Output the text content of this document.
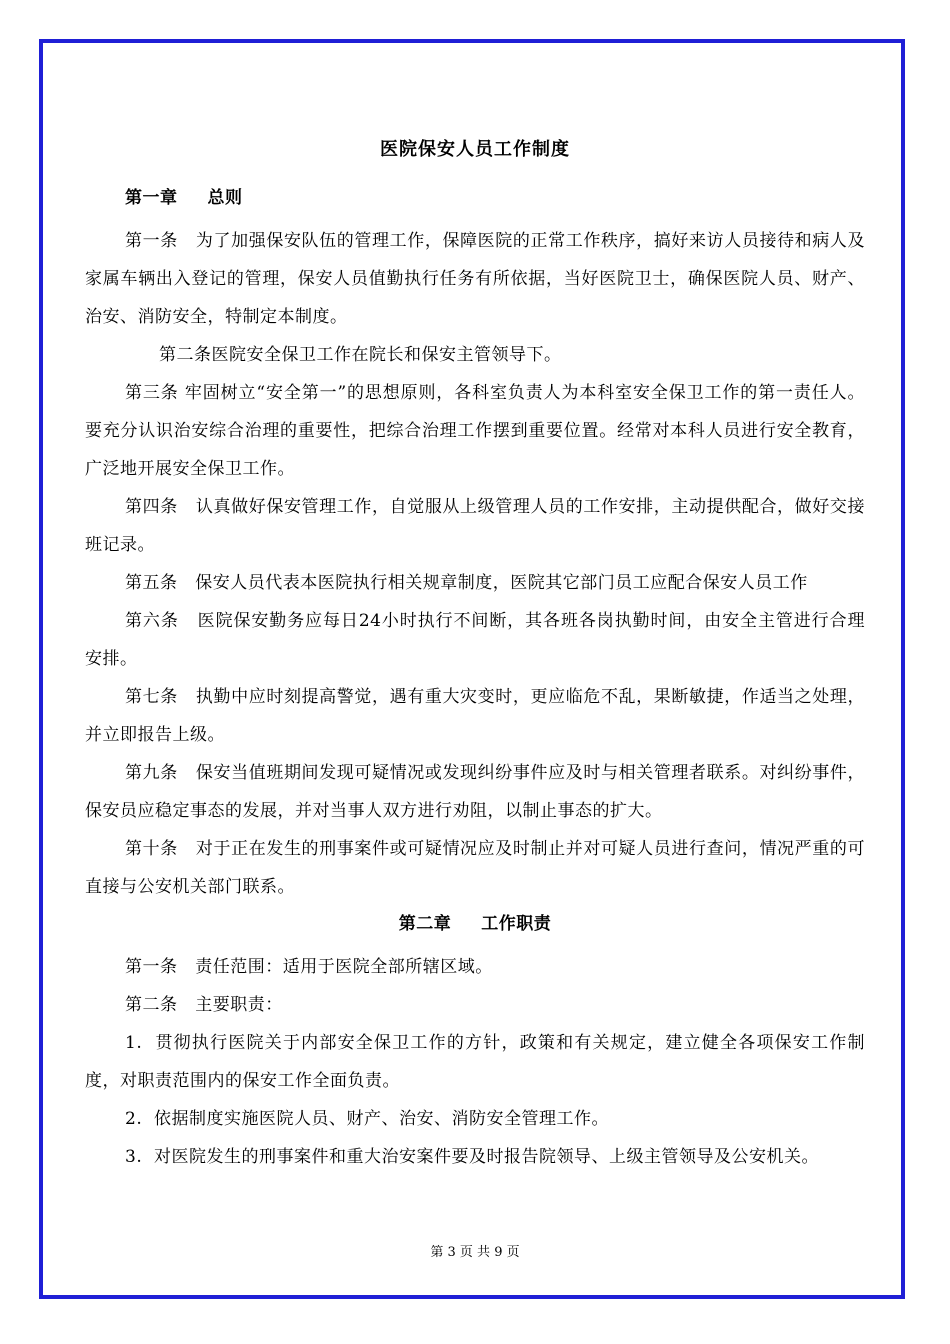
医院保安人员工作制度
第一章 总则

第一条 为了加强保安队伍的管理工作，保障医院的正常工作秩序，搞好来访人员接待和病人及家属车辆出入登记的管理，保安人员值勤执行任务有所依据，当好医院卫士，确保医院人员、财产、治安、消防安全，特制定本制度。

第二条医院安全保卫工作在院长和保安主管领导下。

第三条 牢固树立“安全第一”的思想原则，各科室负责人为本科室安全保卫工作的第一责任人。要充分认识治安综合治理的重要性，把综合治理工作摆到重要位置。经常对本科人员进行安全教育，广泛地开展安全保卫工作。

第四条 认真做好保安管理工作，自觉服从上级管理人员的工作安排，主动提供配合，做好交接班记录。

第五条 保安人员代表本医院执行相关规章制度，医院其它部门员工应配合保安人员工作

第六条 医院保安勤务应每日24小时执行不间断，其各班各岗执勤时间，由安全主管进行合理安排。

第七条 执勤中应时刻提高警觉，遇有重大灾变时，更应临危不乱，果断敏捷，作适当之处理，并立即报告上级。

第九条 保安当值班期间发现可疑情况或发现纠纷事件应及时与相关管理者联系。对纠纷事件，保安员应稳定事态的发展，并对当事人双方进行劝阻，以制止事态的扩大。

第十条 对于正在发生的刑事案件或可疑情况应及时制止并对可疑人员进行查问，情况严重的可直接与公安机关部门联系。

第二章 工作职责

第一条 责任范围：适用于医院全部所辖区域。

第二条 主要职责：

1. 贯彻执行医院关于内部安全保卫工作的方针，政策和有关规定，建立健全各项保安工作制度，对职责范围内的保安工作全面负责。

2. 依据制度实施医院人员、财产、治安、消防安全管理工作。

3. 对医院发生的刑事案件和重大治安案件要及时报告院领导、上级主管领导及公安机关。

第 3 页 共 9 页
